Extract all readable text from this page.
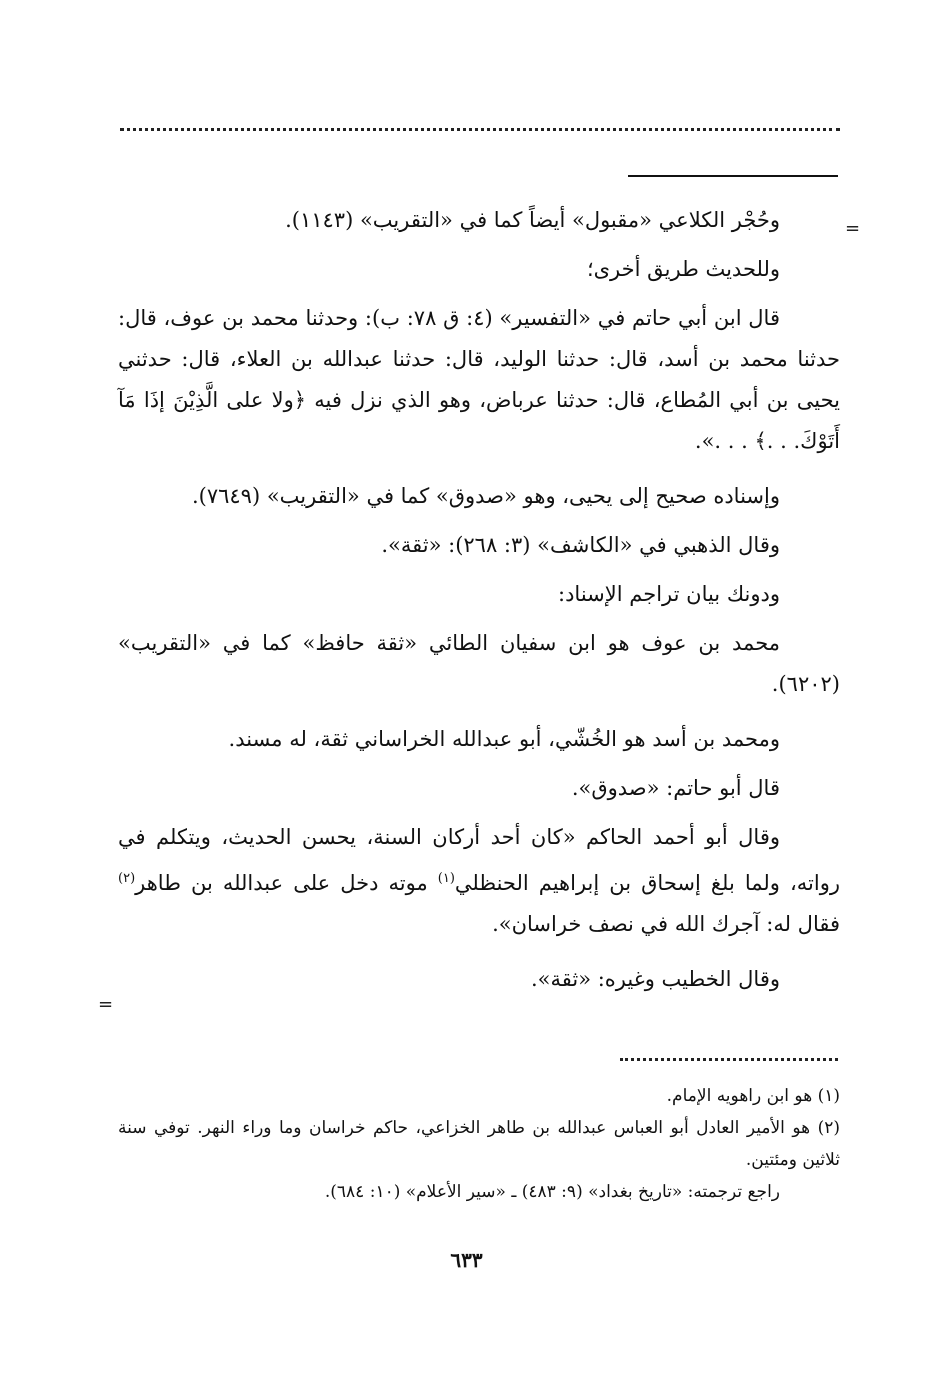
=

وحُجْر الكلاعي «مقبول» أيضاً كما في «التقريب» (١١٤٣).

وللحديث طريق أخرى؛

قال ابن أبي حاتم في «التفسير» (٤: ق ٧٨: ب): وحدثنا محمد بن عوف، قال: حدثنا محمد بن أسد، قال: حدثنا الوليد، قال: حدثنا عبدالله بن العلاء، قال: حدثني يحيى بن أبي المُطاع، قال: حدثنا عرباض، وهو الذي نزل فيه ﴿ولا على الَّذِيْنَ إذَا مَآ أَتَوْكَ. . .﴾ . . .».

وإسناده صحيح إلى يحيى، وهو «صدوق» كما في «التقريب» (٧٦٤٩).

وقال الذهبي في «الكاشف» (٣: ٢٦٨): «ثقة».

ودونك بيان تراجم الإسناد:

محمد بن عوف هو ابن سفيان الطائي «ثقة حافظ» كما في «التقريب» (٦٢٠٢).

ومحمد بن أسد هو الخُشّي، أبو عبدالله الخراساني ثقة، له مسند.

قال أبو حاتم: «صدوق».

وقال أبو أحمد الحاكم «كان أحد أركان السنة، يحسن الحديث، ويتكلم في رواته، ولما بلغ إسحاق بن إبراهيم الحنظلي$^{(١)}$ موته دخل على عبدالله بن طاهر$^{(٢)}$ فقال له: آجرك الله في نصف خراسان».

وقال الخطيب وغيره: «ثقة».

=

(١) هو ابن راهويه الإمام.

(٢) هو الأمير العادل أبو العباس عبدالله بن طاهر الخزاعي، حاكم خراسان وما وراء النهر. توفي سنة ثلاثين ومئتين.

راجع ترجمته: «تاريخ بغداد» (٩: ٤٨٣) ـ «سير الأعلام» (١٠: ٦٨٤).

٦٣٣
